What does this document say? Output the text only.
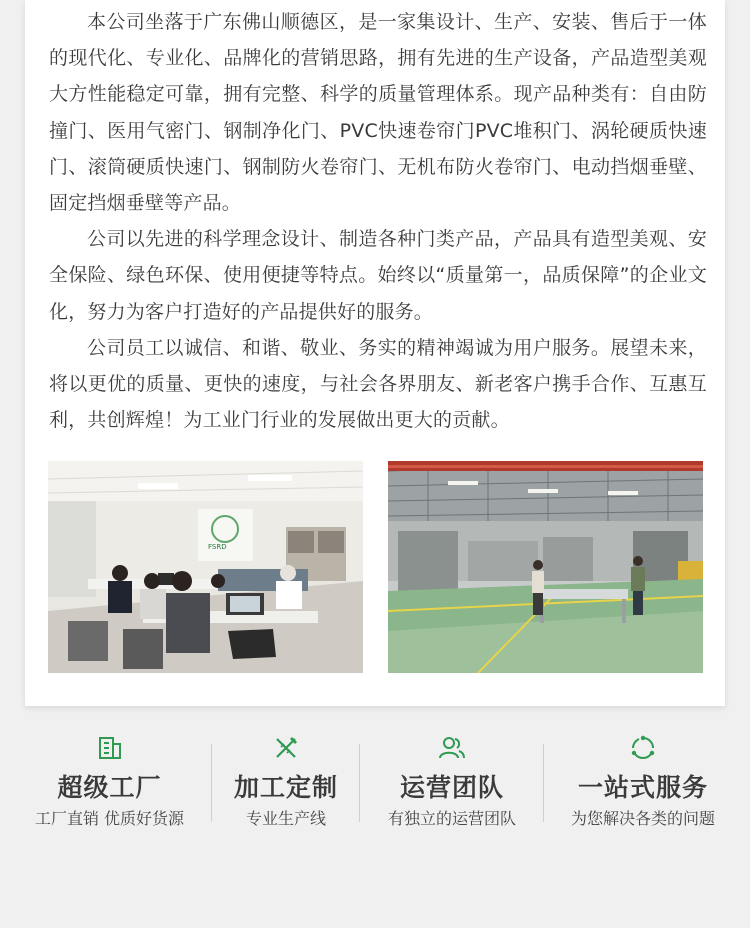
本公司坐落于广东佛山顺德区，是一家集设计、生产、安装、售后于一体的现代化、专业化、品牌化的营销思路，拥有先进的生产设备，产品造型美观大方性能稳定可靠，拥有完整、科学的质量管理体系。现产品种类有：自由防撞门、医用气密门、钢制净化门、PVC快速卷帘门PVC堆积门、涡轮硬质快速门、滚筒硬质快速门、钢制防火卷帘门、无机布防火卷帘门、电动挡烟垂壁、固定挡烟垂壁等产品。

公司以先进的科学理念设计、制造各种门类产品，产品具有造型美观、安全保险、绿色环保、使用便捷等特点。始终以“质量第一，品质保障”的企业文化，努力为客户打造好的产品提供好的服务。

公司员工以诚信、和谐、敬业、务实的精神竭诚为用户服务。展望未来，将以更优的质量、更快的速度，与社会各界朋友、新老客户携手合作、互惠互利，共创辉煌！为工业门行业的发展做出更大的贡献。

FSRD
超级工厂
工厂直销 优质好货源
加工定制
专业生产线
运营团队
有独立的运营团队
一站式服务
为您解决各类的问题
